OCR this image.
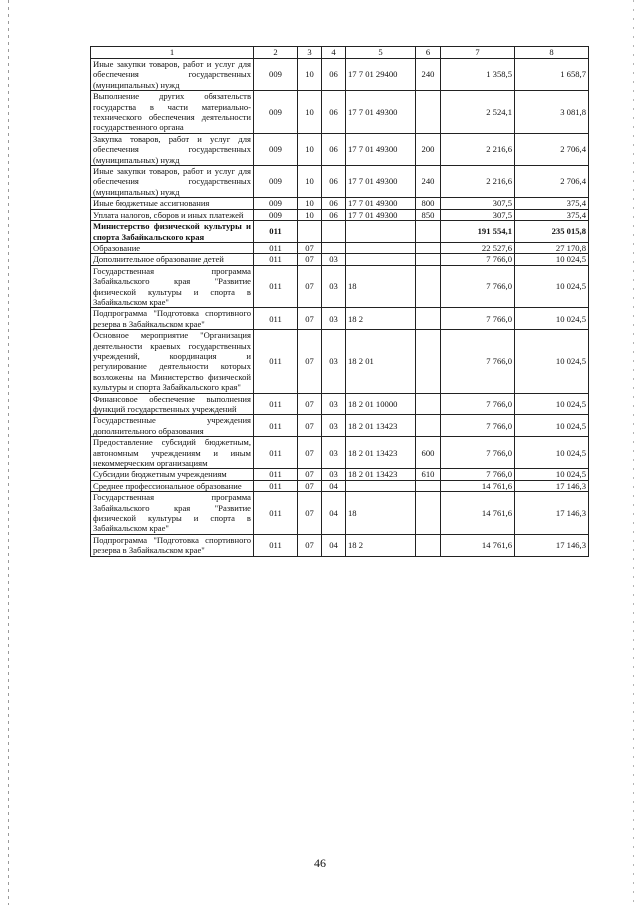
1	2	3	4	5	6	7	8
Иные закупки товаров, работ и услуг для обеспечения государственных (муниципальных) нужд	009	10	06	17 7 01 29400	240	1 358,5	1 658,7
Выполнение других обязательств государства в части материально-технического обеспечения деятельности государственного органа	009	10	06	17 7 01 49300		2 524,1	3 081,8
Закупка товаров, работ и услуг для обеспечения государственных (муниципальных) нужд	009	10	06	17 7 01 49300	200	2 216,6	2 706,4
Иные закупки товаров, работ и услуг для обеспечения государственных (муниципальных) нужд	009	10	06	17 7 01 49300	240	2 216,6	2 706,4
Иные бюджетные ассигнования	009	10	06	17 7 01 49300	800	307,5	375,4
Уплата налогов, сборов и иных платежей	009	10	06	17 7 01 49300	850	307,5	375,4
Министерство физической культуры и спорта Забайкальского края	011					191 554,1	235 015,8
Образование	011	07				22 527,6	27 170,8
Дополнительное образование детей	011	07	03			7 766,0	10 024,5
Государственная программа Забайкальского края "Развитие физической культуры и спорта в Забайкальском крае"	011	07	03	18		7 766,0	10 024,5
Подпрограмма "Подготовка спортивного резерва в Забайкальском крае"	011	07	03	18 2		7 766,0	10 024,5
Основное мероприятие "Организация деятельности краевых государственных учреждений, координация и регулирование деятельности которых возложены на Министерство физической культуры и спорта Забайкальского края"	011	07	03	18 2 01		7 766,0	10 024,5
Финансовое обеспечение выполнения функций государственных учреждений	011	07	03	18 2 01 10000		7 766,0	10 024,5
Государственные учреждения дополнительного образования	011	07	03	18 2 01 13423		7 766,0	10 024,5
Предоставление субсидий бюджетным, автономным учреждениям и иным некоммерческим организациям	011	07	03	18 2 01 13423	600	7 766,0	10 024,5
Субсидии бюджетным учреждениям	011	07	03	18 2 01 13423	610	7 766,0	10 024,5
Среднее профессиональное образование	011	07	04			14 761,6	17 146,3
Государственная программа Забайкальского края "Развитие физической культуры и спорта в Забайкальском крае"	011	07	04	18		14 761,6	17 146,3
Подпрограмма "Подготовка спортивного резерва в Забайкальском крае"	011	07	04	18 2		14 761,6	17 146,3
46
